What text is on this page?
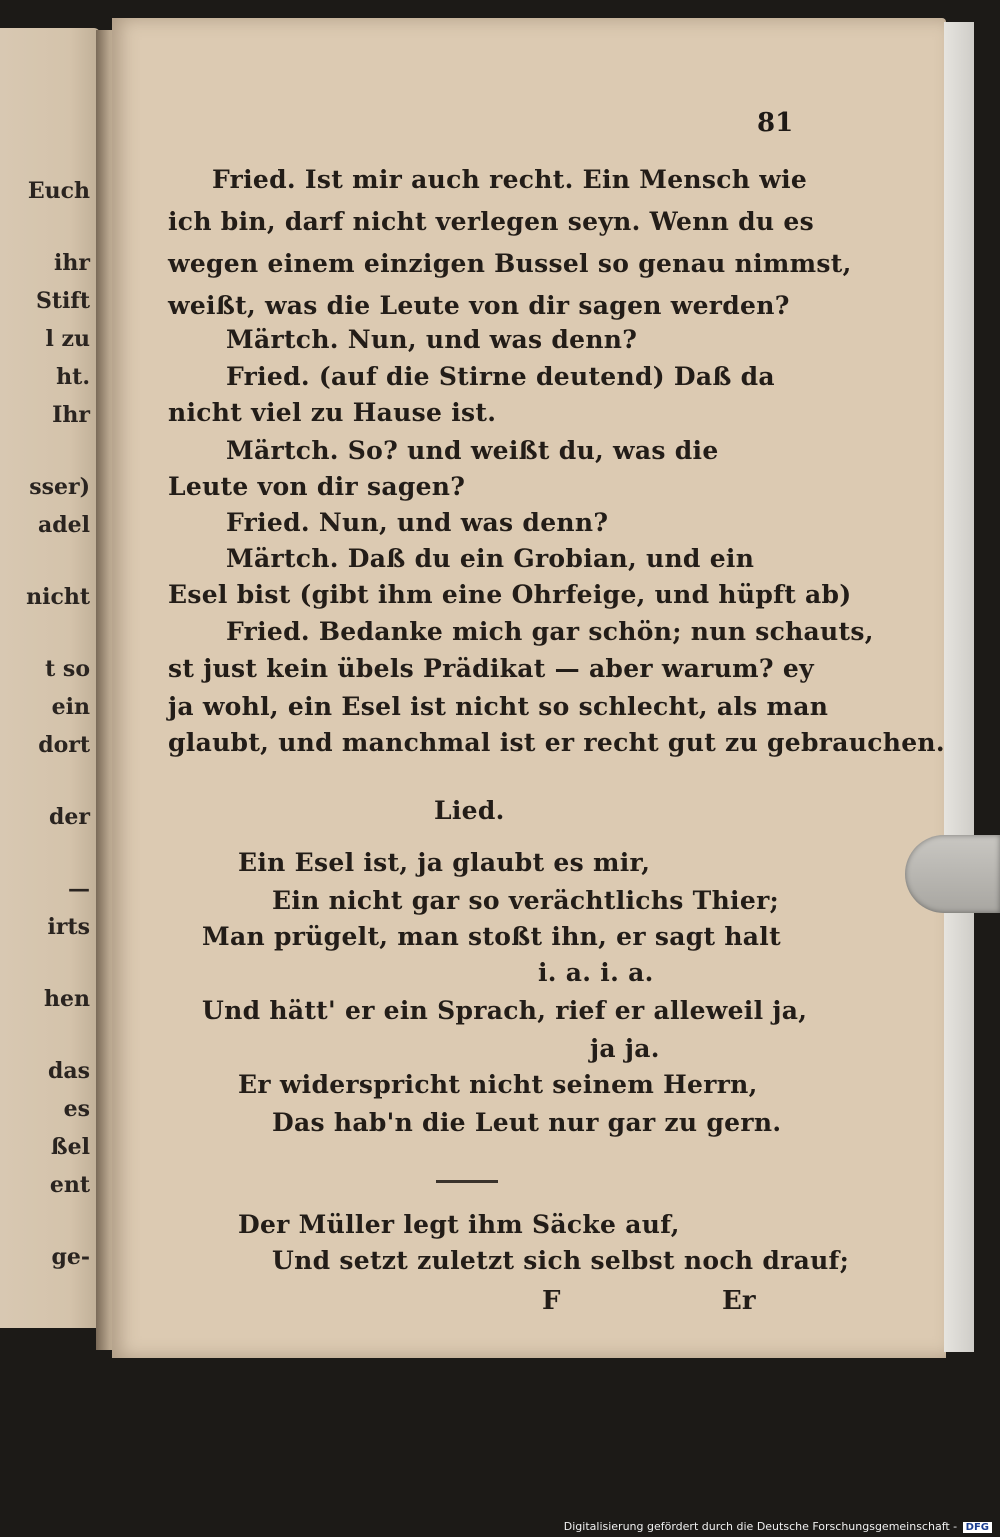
Euch
ihr
Stift
l zu
ht.
Ihr
sser)
adel
nicht
t so
ein
dort
der
—
irts
hen
das
es
ßel
ent
ge-
81
Fried. Ist mir auch recht. Ein Mensch wie
ich bin, darf nicht verlegen seyn. Wenn du es
wegen einem einzigen Bussel so genau nimmst,
weißt, was die Leute von dir sagen werden?
Märtch. Nun, und was denn?
Fried. (auf die Stirne deutend) Daß da
nicht viel zu Hause ist.
Märtch. So? und weißt du, was die
Leute von dir sagen?
Fried. Nun, und was denn?
Märtch. Daß du ein Grobian, und ein
Esel bist (gibt ihm eine Ohrfeige, und hüpft ab)
Fried. Bedanke mich gar schön; nun schauts,
st just kein übels Prädikat — aber warum? ey
ja wohl, ein Esel ist nicht so schlecht, als man
glaubt, und manchmal ist er recht gut zu gebrauchen.
Lied.
Ein Esel ist, ja glaubt es mir,
Ein nicht gar so verächtlichs Thier;
Man prügelt, man stoßt ihn, er sagt halt
i. a. i. a.
Und hätt' er ein Sprach, rief er alleweil ja,
ja ja.
Er widerspricht nicht seinem Herrn,
Das hab'n die Leut nur gar zu gern.
Der Müller legt ihm Säcke auf,
Und setzt zuletzt sich selbst noch drauf;
F	Er
Digitalisierung gefördert durch die Deutsche Forschungsgemeinschaft - DFG
